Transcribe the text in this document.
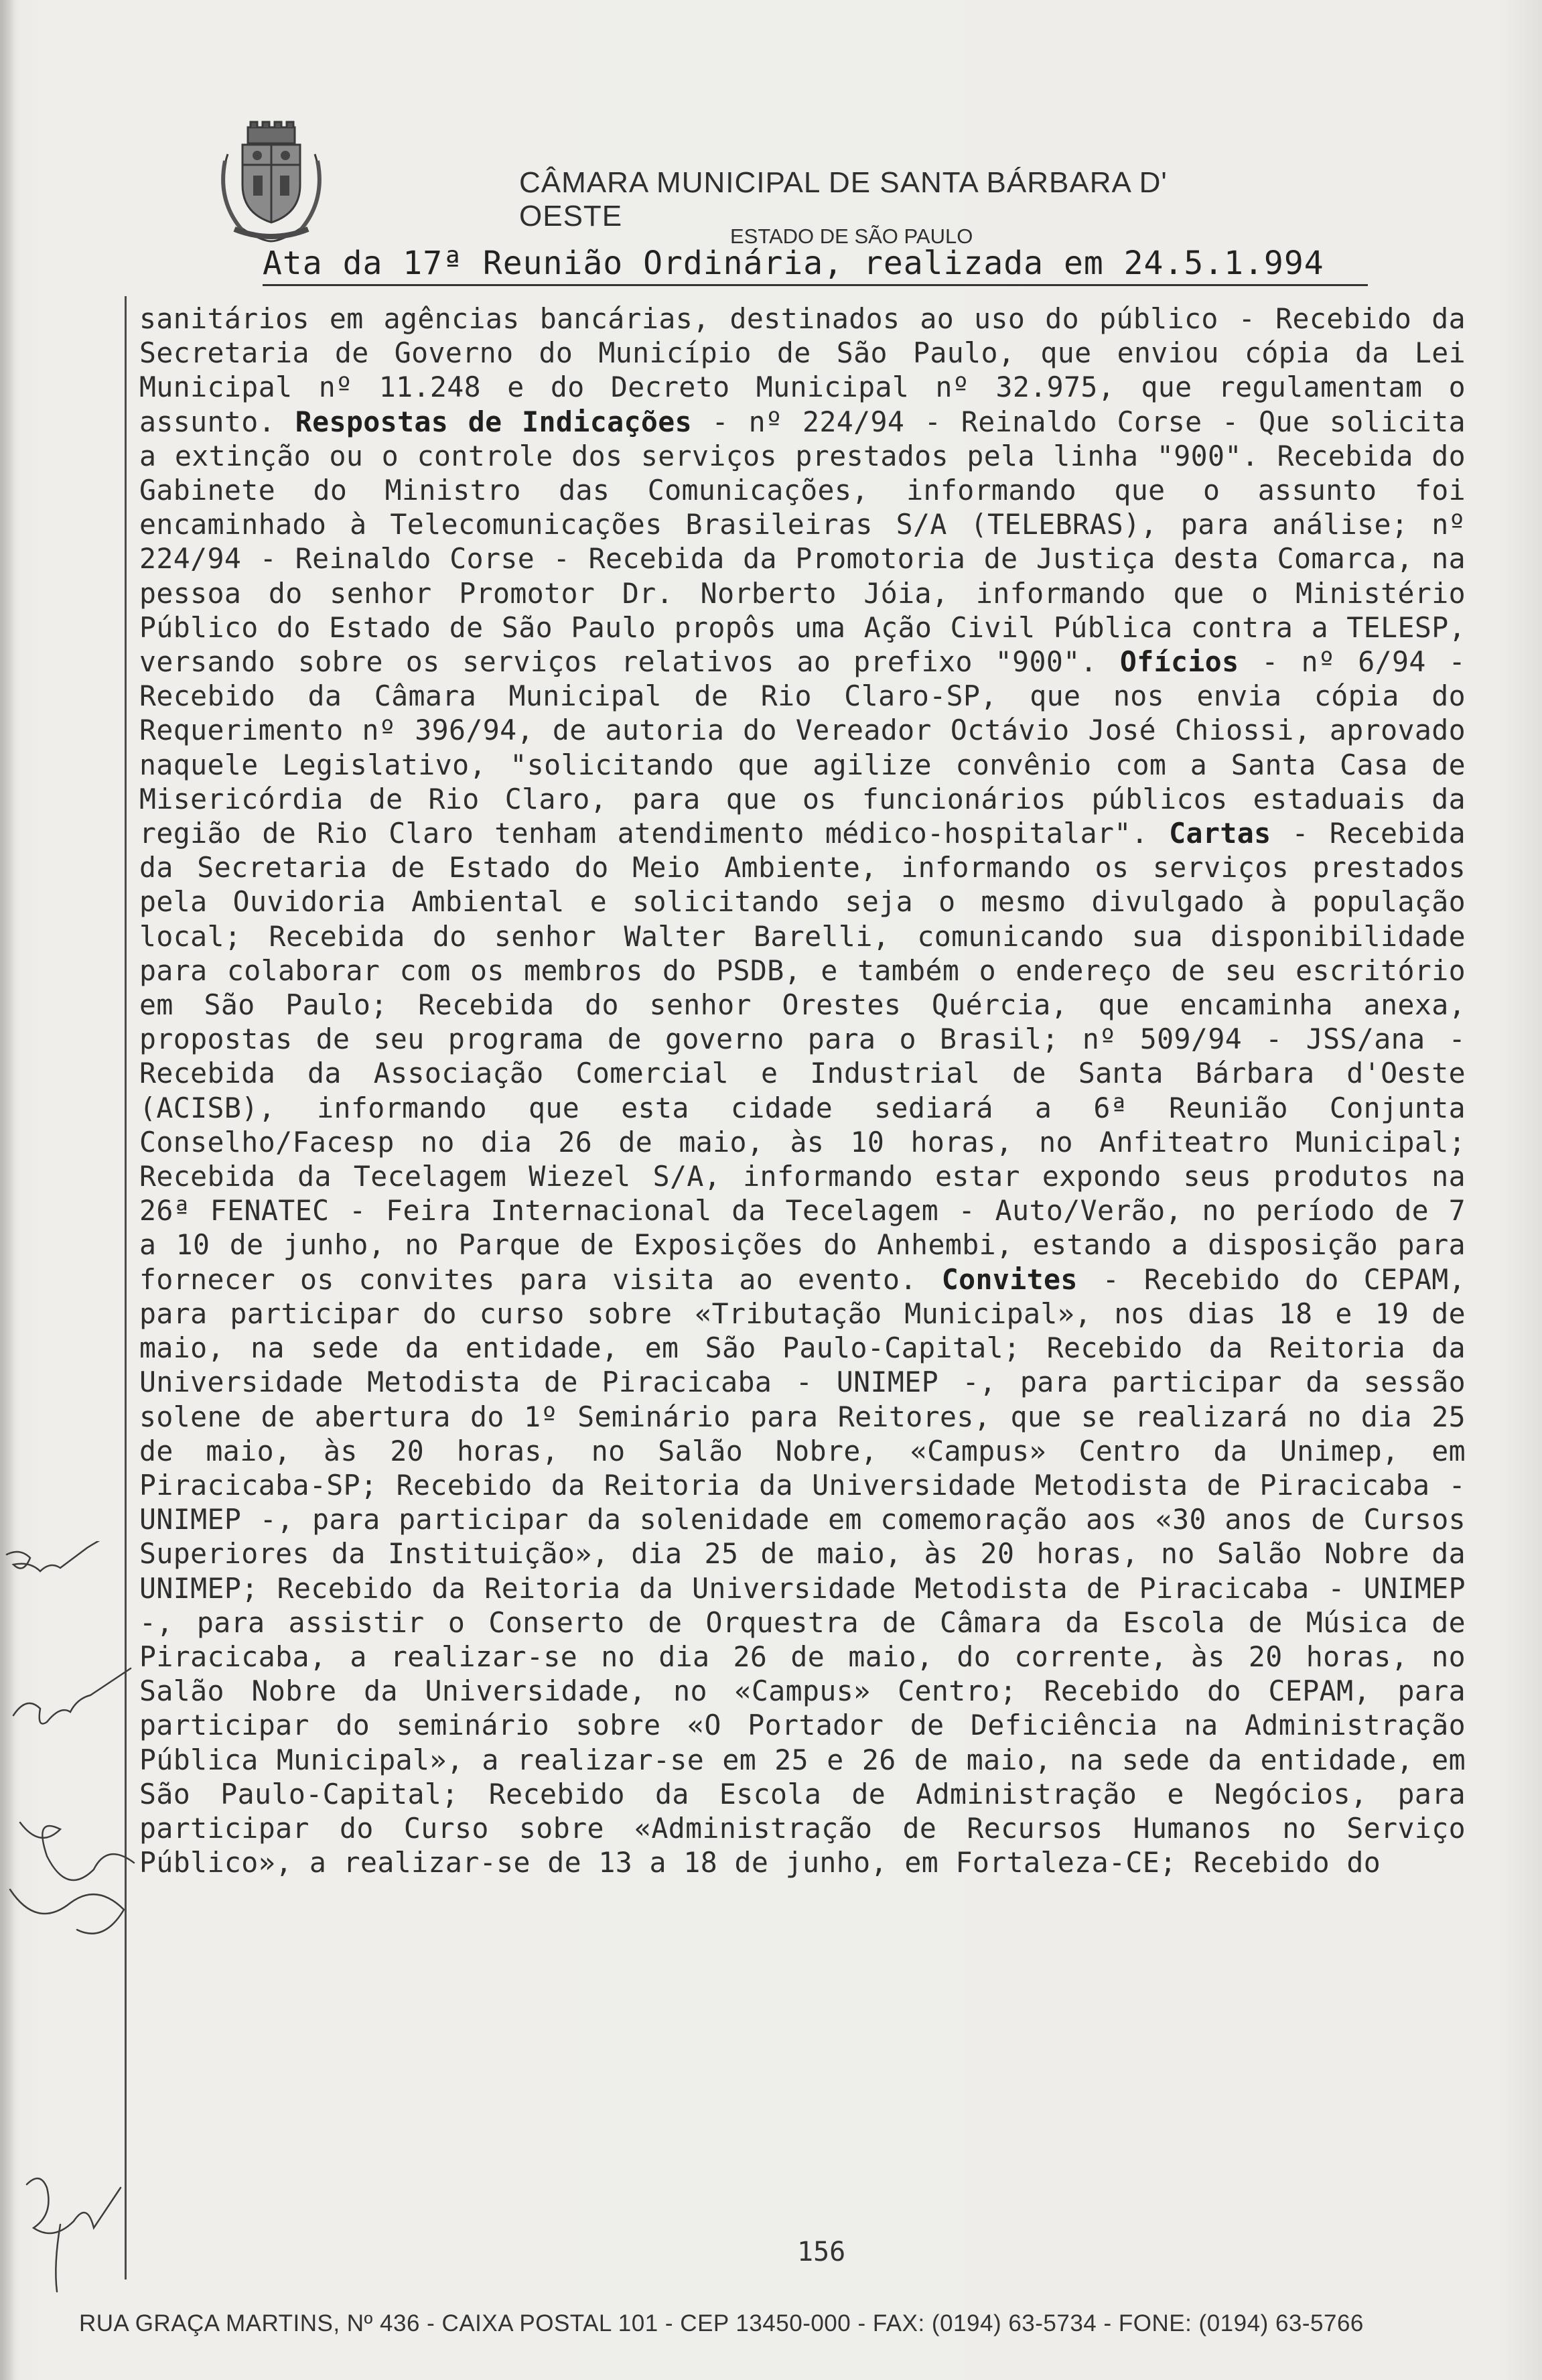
CÂMARA MUNICIPAL DE SANTA BÁRBARA D' OESTE
ESTADO DE SÃO PAULO
Ata da 17ª Reunião Ordinária, realizada em 24.5.1.994
sanitários em agências bancárias, destinados ao uso do público - Recebido da Secretaria de Governo do Município de São Paulo, que enviou cópia da Lei Municipal nº 11.248 e do Decreto Municipal nº 32.975, que regulamentam o assunto. Respostas de Indicações - nº 224/94 - Reinaldo Corse - Que solicita a extinção ou o controle dos serviços prestados pela linha "900". Recebida do Gabinete do Ministro das Comunicações, informando que o assunto foi encaminhado à Telecomunicações Brasileiras S/A (TELEBRAS), para análise; nº 224/94 - Reinaldo Corse - Recebida da Promotoria de Justiça desta Comarca, na pessoa do senhor Promotor Dr. Norberto Jóia, informando que o Ministério Público do Estado de São Paulo propôs uma Ação Civil Pública contra a TELESP, versando sobre os serviços relativos ao prefixo "900". Ofícios - nº 6/94 - Recebido da Câmara Municipal de Rio Claro-SP, que nos envia cópia do Requerimento nº 396/94, de autoria do Vereador Octávio José Chiossi, aprovado naquele Legislativo, "solicitando que agilize convênio com a Santa Casa de Misericórdia de Rio Claro, para que os funcionários públicos estaduais da região de Rio Claro tenham atendimento médico-hospitalar". Cartas - Recebida da Secretaria de Estado do Meio Ambiente, informando os serviços prestados pela Ouvidoria Ambiental e solicitando seja o mesmo divulgado à população local; Recebida do senhor Walter Barelli, comunicando sua disponibilidade para colaborar com os membros do PSDB, e também o endereço de seu escritório em São Paulo; Recebida do senhor Orestes Quércia, que encaminha anexa, propostas de seu programa de governo para o Brasil; nº 509/94 - JSS/ana - Recebida da Associação Comercial e Industrial de Santa Bárbara d'Oeste (ACISB), informando que esta cidade sediará a 6ª Reunião Conjunta Conselho/Facesp no dia 26 de maio, às 10 horas, no Anfiteatro Municipal; Recebida da Tecelagem Wiezel S/A, informando estar expondo seus produtos na 26ª FENATEC - Feira Internacional da Tecelagem - Auto/Verão, no período de 7 a 10 de junho, no Parque de Exposições do Anhembi, estando a disposição para fornecer os convites para visita ao evento. Convites - Recebido do CEPAM, para participar do curso sobre «Tributação Municipal», nos dias 18 e 19 de maio, na sede da entidade, em São Paulo-Capital; Recebido da Reitoria da Universidade Metodista de Piracicaba - UNIMEP -, para participar da sessão solene de abertura do 1º Seminário para Reitores, que se realizará no dia 25 de maio, às 20 horas, no Salão Nobre, «Campus» Centro da Unimep, em Piracicaba-SP; Recebido da Reitoria da Universidade Metodista de Piracicaba - UNIMEP -, para participar da solenidade em comemoração aos «30 anos de Cursos Superiores da Instituição», dia 25 de maio, às 20 horas, no Salão Nobre da UNIMEP; Recebido da Reitoria da Universidade Metodista de Piracicaba - UNIMEP -, para assistir o Conserto de Orquestra de Câmara da Escola de Música de Piracicaba, a realizar-se no dia 26 de maio, do corrente, às 20 horas, no Salão Nobre da Universidade, no «Campus» Centro; Recebido do CEPAM, para participar do seminário sobre «O Portador de Deficiência na Administração Pública Municipal», a realizar-se em 25 e 26 de maio, na sede da entidade, em São Paulo-Capital; Recebido da Escola de Administração e Negócios, para participar do Curso sobre «Administração de Recursos Humanos no Serviço Público», a realizar-se de 13 a 18 de junho, em Fortaleza-CE; Recebido do
156
RUA GRAÇA MARTINS, Nº 436 - CAIXA POSTAL 101 - CEP 13450-000 - FAX: (0194) 63-5734 - FONE: (0194) 63-5766
